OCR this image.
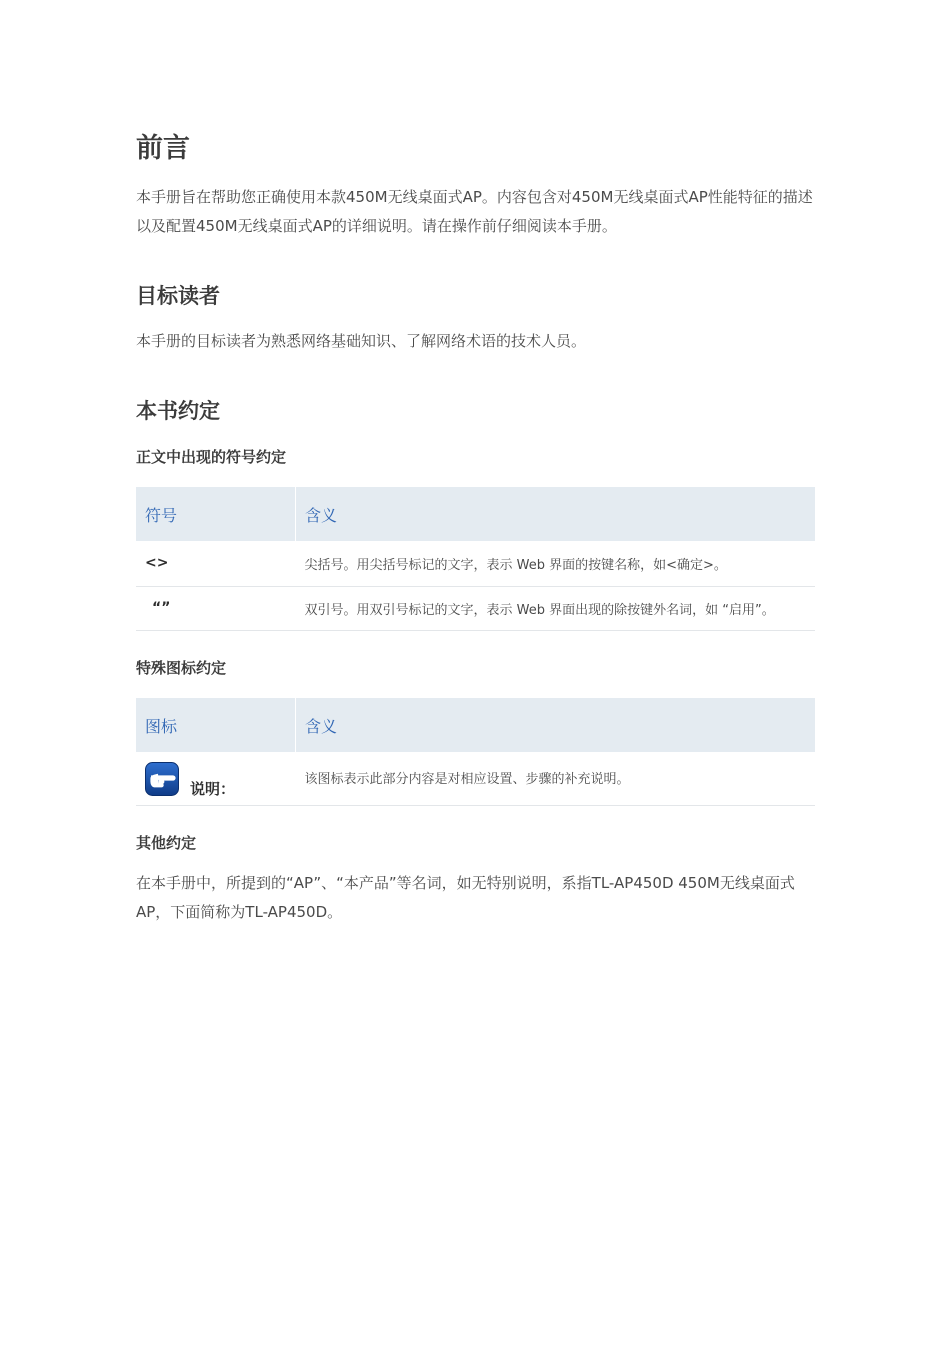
前言

本手册旨在帮助您正确使用本款450M无线桌面式AP。内容包含对450M无线桌面式AP性能特征的描述以及配置450M无线桌面式AP的详细说明。请在操作前仔细阅读本手册。

目标读者

本手册的目标读者为熟悉网络基础知识、了解网络术语的技术人员。

本书约定
正文中出现的符号约定
符号	含义
<>	尖括号。用尖括号标记的文字，表示 Web 界面的按键名称，如<确定>。
“”	双引号。用双引号标记的文字，表示 Web 界面出现的除按键外名词，如 “启用”。
特殊图标约定
图标	含义

说明：	该图标表示此部分内容是对相应设置、步骤的补充说明。
其他约定

在本手册中，所提到的“AP”、“本产品”等名词，如无特别说明，系指TL-AP450D 450M无线桌面式AP，下面简称为TL-AP450D。
